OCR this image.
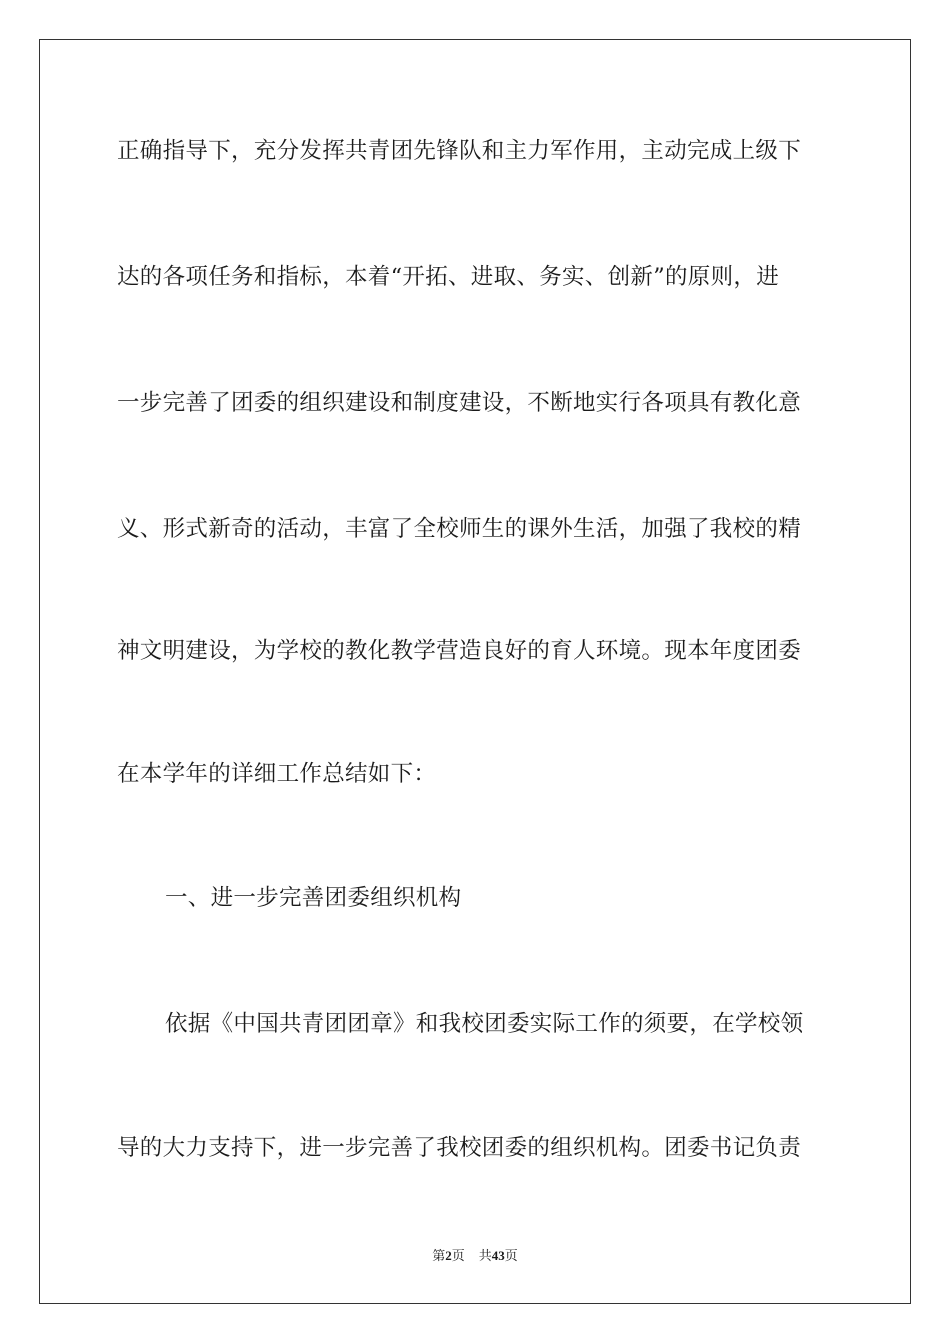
正确指导下，充分发挥共青团先锋队和主力军作用，主动完成上级下
达的各项任务和指标，本着“开拓、进取、务实、创新”的原则，进
一步完善了团委的组织建设和制度建设，不断地实行各项具有教化意
义、形式新奇的活动，丰富了全校师生的课外生活，加强了我校的精
神文明建设，为学校的教化教学营造良好的育人环境。现本年度团委
在本学年的详细工作总结如下：
一、进一步完善团委组织机构
依据《中国共青团团章》和我校团委实际工作的须要，在学校领
导的大力支持下，进一步完善了我校团委的组织机构。团委书记负责
第2页 共43页
